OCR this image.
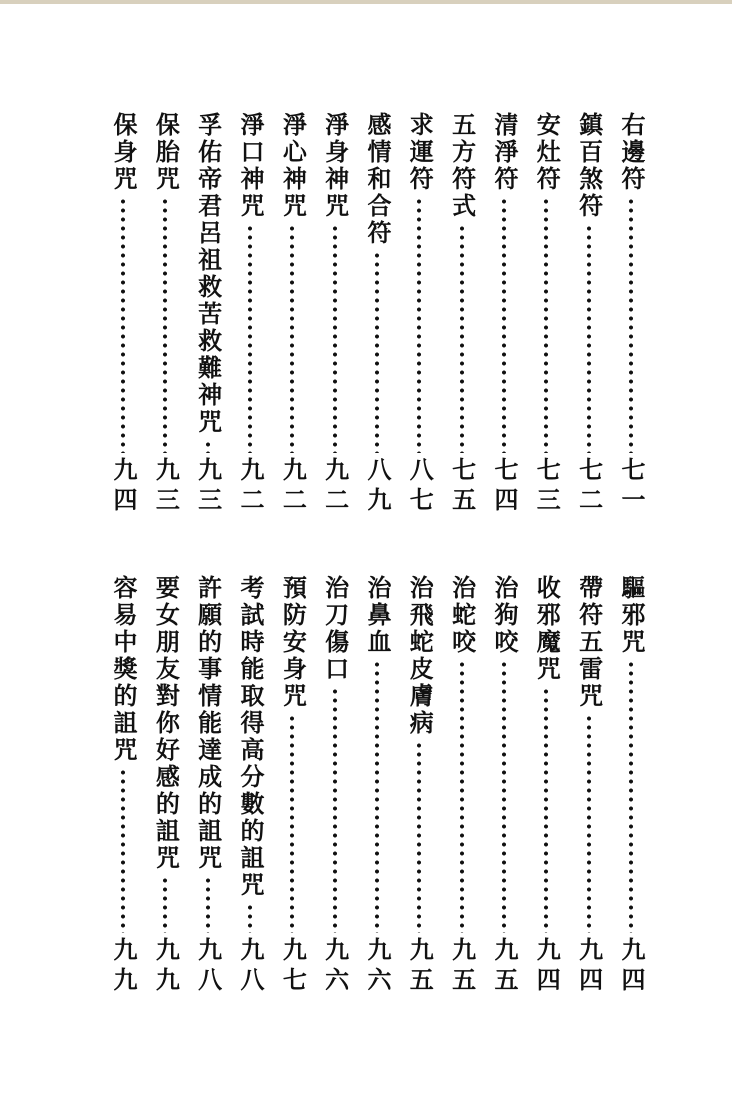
右邊符
七一
鎮百煞符
七二
安灶符
七三
清淨符
七四
五方符式
七五
求運符
八七
感情和合符
八九
淨身神咒
九二
淨心神咒
九二
淨口神咒
九二
孚佑帝君呂祖救苦救難神咒
九三
保胎咒
九三
保身咒
九四
驅邪咒
九四
帶符五雷咒
九四
收邪魔咒
九四
治狗咬
九五
治蛇咬
九五
治飛蛇皮膚病
九五
治鼻血
九六
治刀傷口
九六
預防安身咒
九七
考試時能取得高分數的詛咒
九八
許願的事情能達成的詛咒
九八
要女朋友對你好感的詛咒
九九
容易中獎的詛咒
九九
